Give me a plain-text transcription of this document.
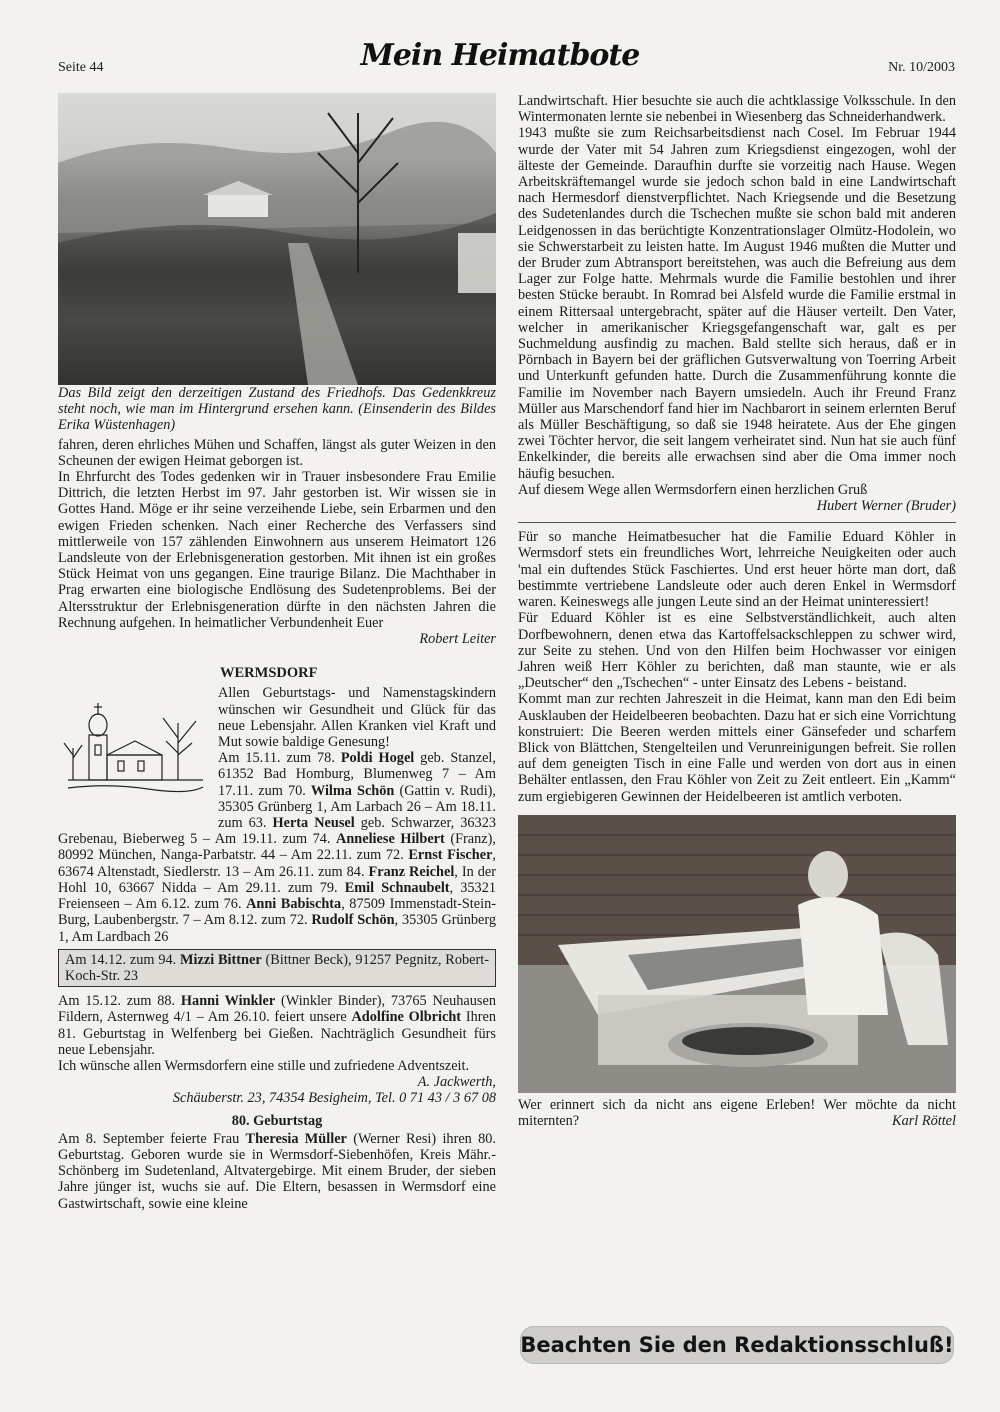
Seite 44	Mein Heimatbote	Nr. 10/2003

Das Bild zeigt den derzeitigen Zustand des Friedhofs. Das Gedenkkreuz steht noch, wie man im Hintergrund ersehen kann. (Einsenderin des Bildes Erika Wüstenhagen)

fahren, deren ehrliches Mühen und Schaffen, längst als guter Weizen in den Scheunen der ewigen Heimat geborgen ist.

In Ehrfurcht des Todes gedenken wir in Trauer insbesondere Frau Emilie Dittrich, die letzten Herbst im 97. Jahr gestorben ist. Wir wissen sie in Gottes Hand. Möge er ihr seine verzeihende Liebe, sein Erbarmen und den ewigen Frieden schenken. Nach einer Recherche des Verfassers sind mittlerweile von 157 zählenden Einwohnern aus unserem Heimatort 126 Landsleute von der Erlebnisgeneration gestorben. Mit ihnen ist ein großes Stück Heimat von uns gegangen. Eine traurige Bilanz. Die Machthaber in Prag erwarten eine biologische Endlösung des Sudetenproblems. Bei der Altersstruktur der Erlebnisgeneration dürfte in den nächsten Jahren die Rechnung aufgehen. In heimatlicher Verbundenheit Euer

Robert Leiter

WERMSDORF

Allen Geburtstags- und Namenstagskindern wünschen wir Gesundheit und Glück für das neue Lebensjahr. Allen Kranken viel Kraft und Mut sowie baldige Genesung!

Am 15.11. zum 78. Poldi Hogel geb. Stanzel, 61352 Bad Homburg, Blumenweg 7 – Am 17.11. zum 70. Wilma Schön (Gattin v. Rudi), 35305 Grünberg 1, Am Larbach 26 – Am 18.11. zum 63. Herta Neusel geb. Schwarzer, 36323 Grebenau, Bieberweg 5 – Am 19.11. zum 74. Anneliese Hilbert (Franz), 80992 München, Nanga-Parbatstr. 44 – Am 22.11. zum 72. Ernst Fischer, 63674 Altenstadt, Siedlerstr. 13 – Am 26.11. zum 84. Franz Reichel, In der Hohl 10, 63667 Nidda – Am 29.11. zum 79. Emil Schnaubelt, 35321 Freienseen – Am 6.12. zum 76. Anni Babischta, 87509 Immenstadt-Stein-Burg, Laubenbergstr. 7 – Am 8.12. zum 72. Rudolf Schön, 35305 Grünberg 1, Am Lardbach 26

Am 14.12. zum 94. Mizzi Bittner (Bittner Beck), 91257 Pegnitz, Robert-Koch-Str. 23

Am 15.12. zum 88. Hanni Winkler (Winkler Binder), 73765 Neuhausen Fildern, Asternweg 4/1 – Am 26.10. feiert unsere Adolfine Olbricht Ihren 81. Geburtstag in Welfenberg bei Gießen. Nachträglich Gesundheit fürs neue Lebensjahr.

Ich wünsche allen Wermsdorfern eine stille und zufriedene Adventszeit.

A. Jackwerth,

Schäuberstr. 23, 74354 Besigheim, Tel. 0 71 43 / 3 67 08

80. Geburtstag

Am 8. September feierte Frau Theresia Müller (Werner Resi) ihren 80. Geburtstag. Geboren wurde sie in Wermsdorf-Siebenhöfen, Kreis Mähr.-Schönberg im Sudetenland, Altvatergebirge. Mit einem Bruder, der sieben Jahre jünger ist, wuchs sie auf. Die Eltern, besassen in Wermsdorf eine Gastwirtschaft, sowie eine kleine

Landwirtschaft. Hier besuchte sie auch die achtklassige Volksschule. In den Wintermonaten lernte sie nebenbei in Wiesenberg das Schneiderhandwerk.

1943 mußte sie zum Reichsarbeitsdienst nach Cosel. Im Februar 1944 wurde der Vater mit 54 Jahren zum Kriegsdienst eingezogen, wohl der älteste der Gemeinde. Daraufhin durfte sie vorzeitig nach Hause. Wegen Arbeitskräftemangel wurde sie jedoch schon bald in eine Landwirtschaft nach Hermesdorf dienstverpflichtet. Nach Kriegsende und die Besetzung des Sudetenlandes durch die Tschechen mußte sie schon bald mit anderen Leidgenossen in das berüchtigte Konzentrationslager Olmütz-Hodolein, wo sie Schwerstarbeit zu leisten hatte. Im August 1946 mußten die Mutter und der Bruder zum Abtransport bereitstehen, was auch die Befreiung aus dem Lager zur Folge hatte. Mehrmals wurde die Familie bestohlen und ihrer besten Stücke beraubt. In Romrad bei Alsfeld wurde die Familie erstmal in einem Rittersaal untergebracht, später auf die Häuser verteilt. Den Vater, welcher in amerikanischer Kriegsgefangenschaft war, galt es per Suchmeldung ausfindig zu machen. Bald stellte sich heraus, daß er in Pörnbach in Bayern bei der gräflichen Gutsverwaltung von Toerring Arbeit und Unterkunft gefunden hatte. Durch die Zusammenführung konnte die Familie im November nach Bayern umsiedeln. Auch ihr Freund Franz Müller aus Marschendorf fand hier im Nachbarort in seinem erlernten Beruf als Müller Beschäftigung, so daß sie 1948 heiratete. Aus der Ehe gingen zwei Töchter hervor, die seit langem verheiratet sind. Nun hat sie auch fünf Enkelkinder, die bereits alle erwachsen sind aber die Oma immer noch häufig besuchen.

Auf diesem Wege allen Wermsdorfern einen herzlichen Gruß

Hubert Werner (Bruder)

Für so manche Heimatbesucher hat die Familie Eduard Köhler in Wermsdorf stets ein freundliches Wort, lehrreiche Neuigkeiten oder auch 'mal ein duftendes Stück Faschiertes. Und erst heuer hörte man dort, daß bestimmte vertriebene Landsleute oder auch deren Enkel in Wermsdorf waren. Keineswegs alle jungen Leute sind an der Heimat uninteressiert!

Für Eduard Köhler ist es eine Selbstverständlichkeit, auch alten Dorfbewohnern, denen etwa das Kartoffelsackschleppen zu schwer wird, zur Seite zu stehen. Und von den Hilfen beim Hochwasser vor einigen Jahren weiß Herr Köhler zu berichten, daß man staunte, wie er als „Deutscher“ den „Tschechen“ - unter Einsatz des Lebens - beistand.

Kommt man zur rechten Jahreszeit in die Heimat, kann man den Edi beim Ausklauben der Heidelbeeren beobachten. Dazu hat er sich eine Vorrichtung konstruiert: Die Beeren werden mittels einer Gänsefeder und scharfem Blick von Blättchen, Stengelteilen und Verunreinigungen befreit. Sie rollen auf dem geneigten Tisch in eine Falle und werden von dort aus in einen Behälter entlassen, den Frau Köhler von Zeit zu Zeit entleert. Ein „Kamm“ zum ergiebigeren Gewinnen der Heidelbeeren ist amtlich verboten.

Wer erinnert sich da nicht ans eigene Erleben! Wer möchte da nicht miternten?	Karl Röttel

Beachten Sie den Redaktionsschluß!
